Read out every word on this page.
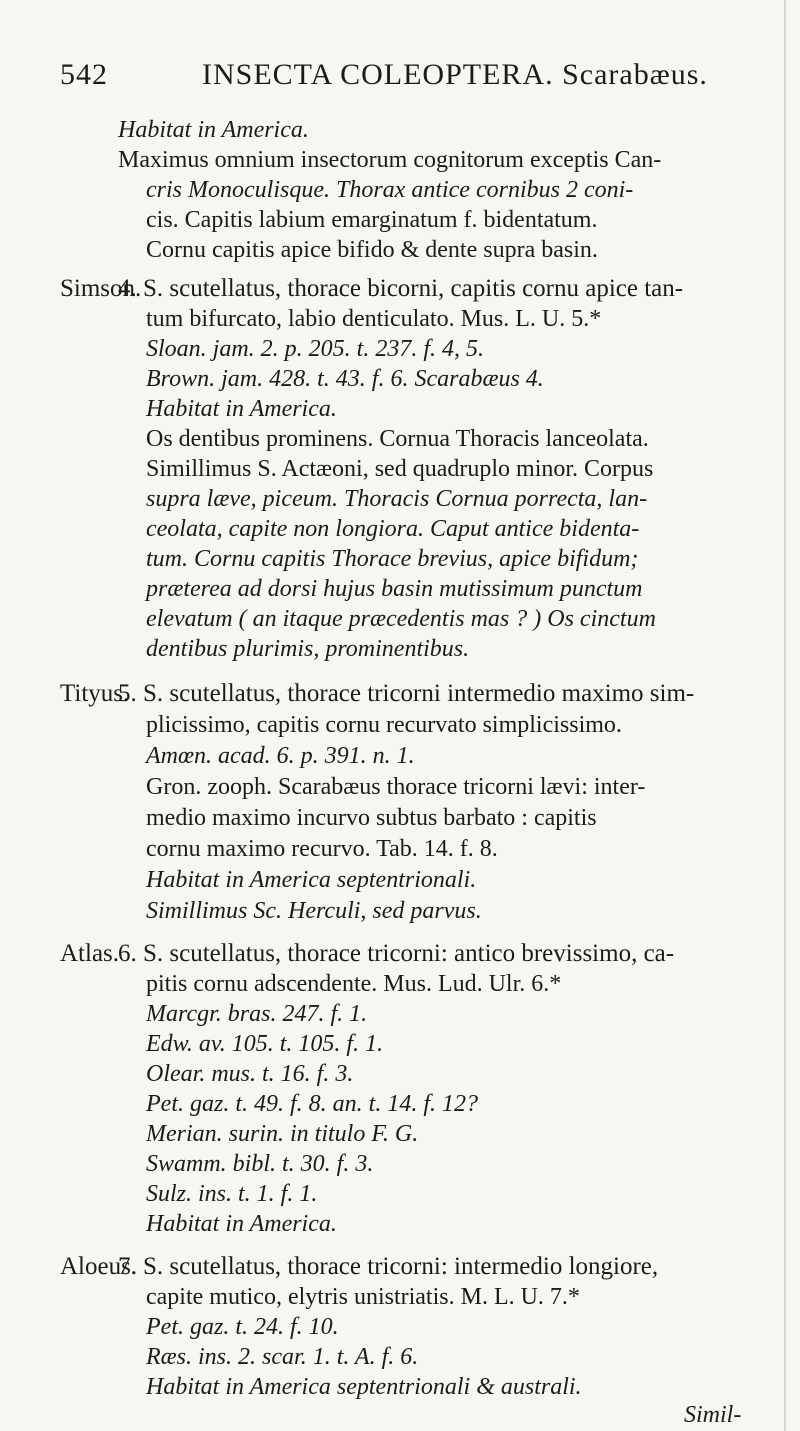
542	INSECTA COLEOPTERA. Scarabæus.
Habitat in America.
Maximus omnium insectorum cognitorum exceptis Can-
cris Monoculisque. Thorax antice cornibus 2 coni-
cis. Capitis labium emarginatum f. bidentatum.
Cornu capitis apice bifido & dente supra basin.
Simson.
4. S. scutellatus, thorace bicorni, capitis cornu apice tan-
tum bifurcato, labio denticulato. Mus. L. U. 5.*
Sloan. jam. 2. p. 205. t. 237. f. 4, 5.
Brown. jam. 428. t. 43. f. 6. Scarabæus 4.
Habitat in America.
Os dentibus prominens. Cornua Thoracis lanceolata.
Simillimus S. Actæoni, sed quadruplo minor. Corpus
supra læve, piceum. Thoracis Cornua porrecta, lan-
ceolata, capite non longiora. Caput antice bidenta-
tum. Cornu capitis Thorace brevius, apice bifidum;
præterea ad dorsi hujus basin mutissimum punctum
elevatum ( an itaque præcedentis mas ? ) Os cinctum
dentibus plurimis, prominentibus.
Tityus.
5. S. scutellatus, thorace tricorni intermedio maximo sim-
plicissimo, capitis cornu recurvato simplicissimo.
Amœn. acad. 6. p. 391. n. 1.
Gron. zooph. Scarabæus thorace tricorni lævi: inter-
medio maximo incurvo subtus barbato : capitis
cornu maximo recurvo. Tab. 14. f. 8.
Habitat in America septentrionali.
Simillimus Sc. Herculi, sed parvus.
Atlas.
6. S. scutellatus, thorace tricorni: antico brevissimo, ca-
pitis cornu adscendente. Mus. Lud. Ulr. 6.*
Marcgr. bras. 247. f. 1.
Edw. av. 105. t. 105. f. 1.
Olear. mus. t. 16. f. 3.
Pet. gaz. t. 49. f. 8. an. t. 14. f. 12?
Merian. surin. in titulo F. G.
Swamm. bibl. t. 30. f. 3.
Sulz. ins. t. 1. f. 1.
Habitat in America.
Aloeus.
7. S. scutellatus, thorace tricorni: intermedio longiore,
capite mutico, elytris unistriatis. M. L. U. 7.*
Pet. gaz. t. 24. f. 10.
Ræs. ins. 2. scar. 1. t. A. f. 6.
Habitat in America septentrionali & australi.
Simil-
